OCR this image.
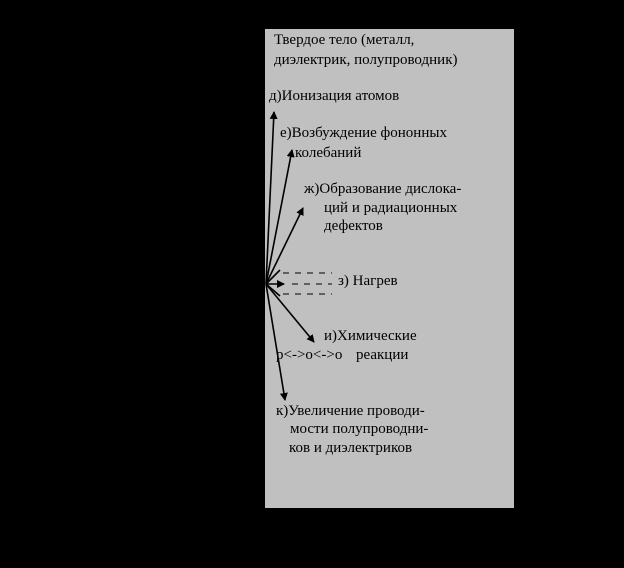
Твердое тело (металл,
диэлектрик, полупроводник)
д)Ионизация атомов
е)Возбуждение фононных
колебаний
ж)Образование дислока-
ций и радиационных
дефектов
з) Нагрев
и)Химические
р<->о<->о реакции
к)Увеличение проводи-
мости полупроводни-
ков и диэлектриков
